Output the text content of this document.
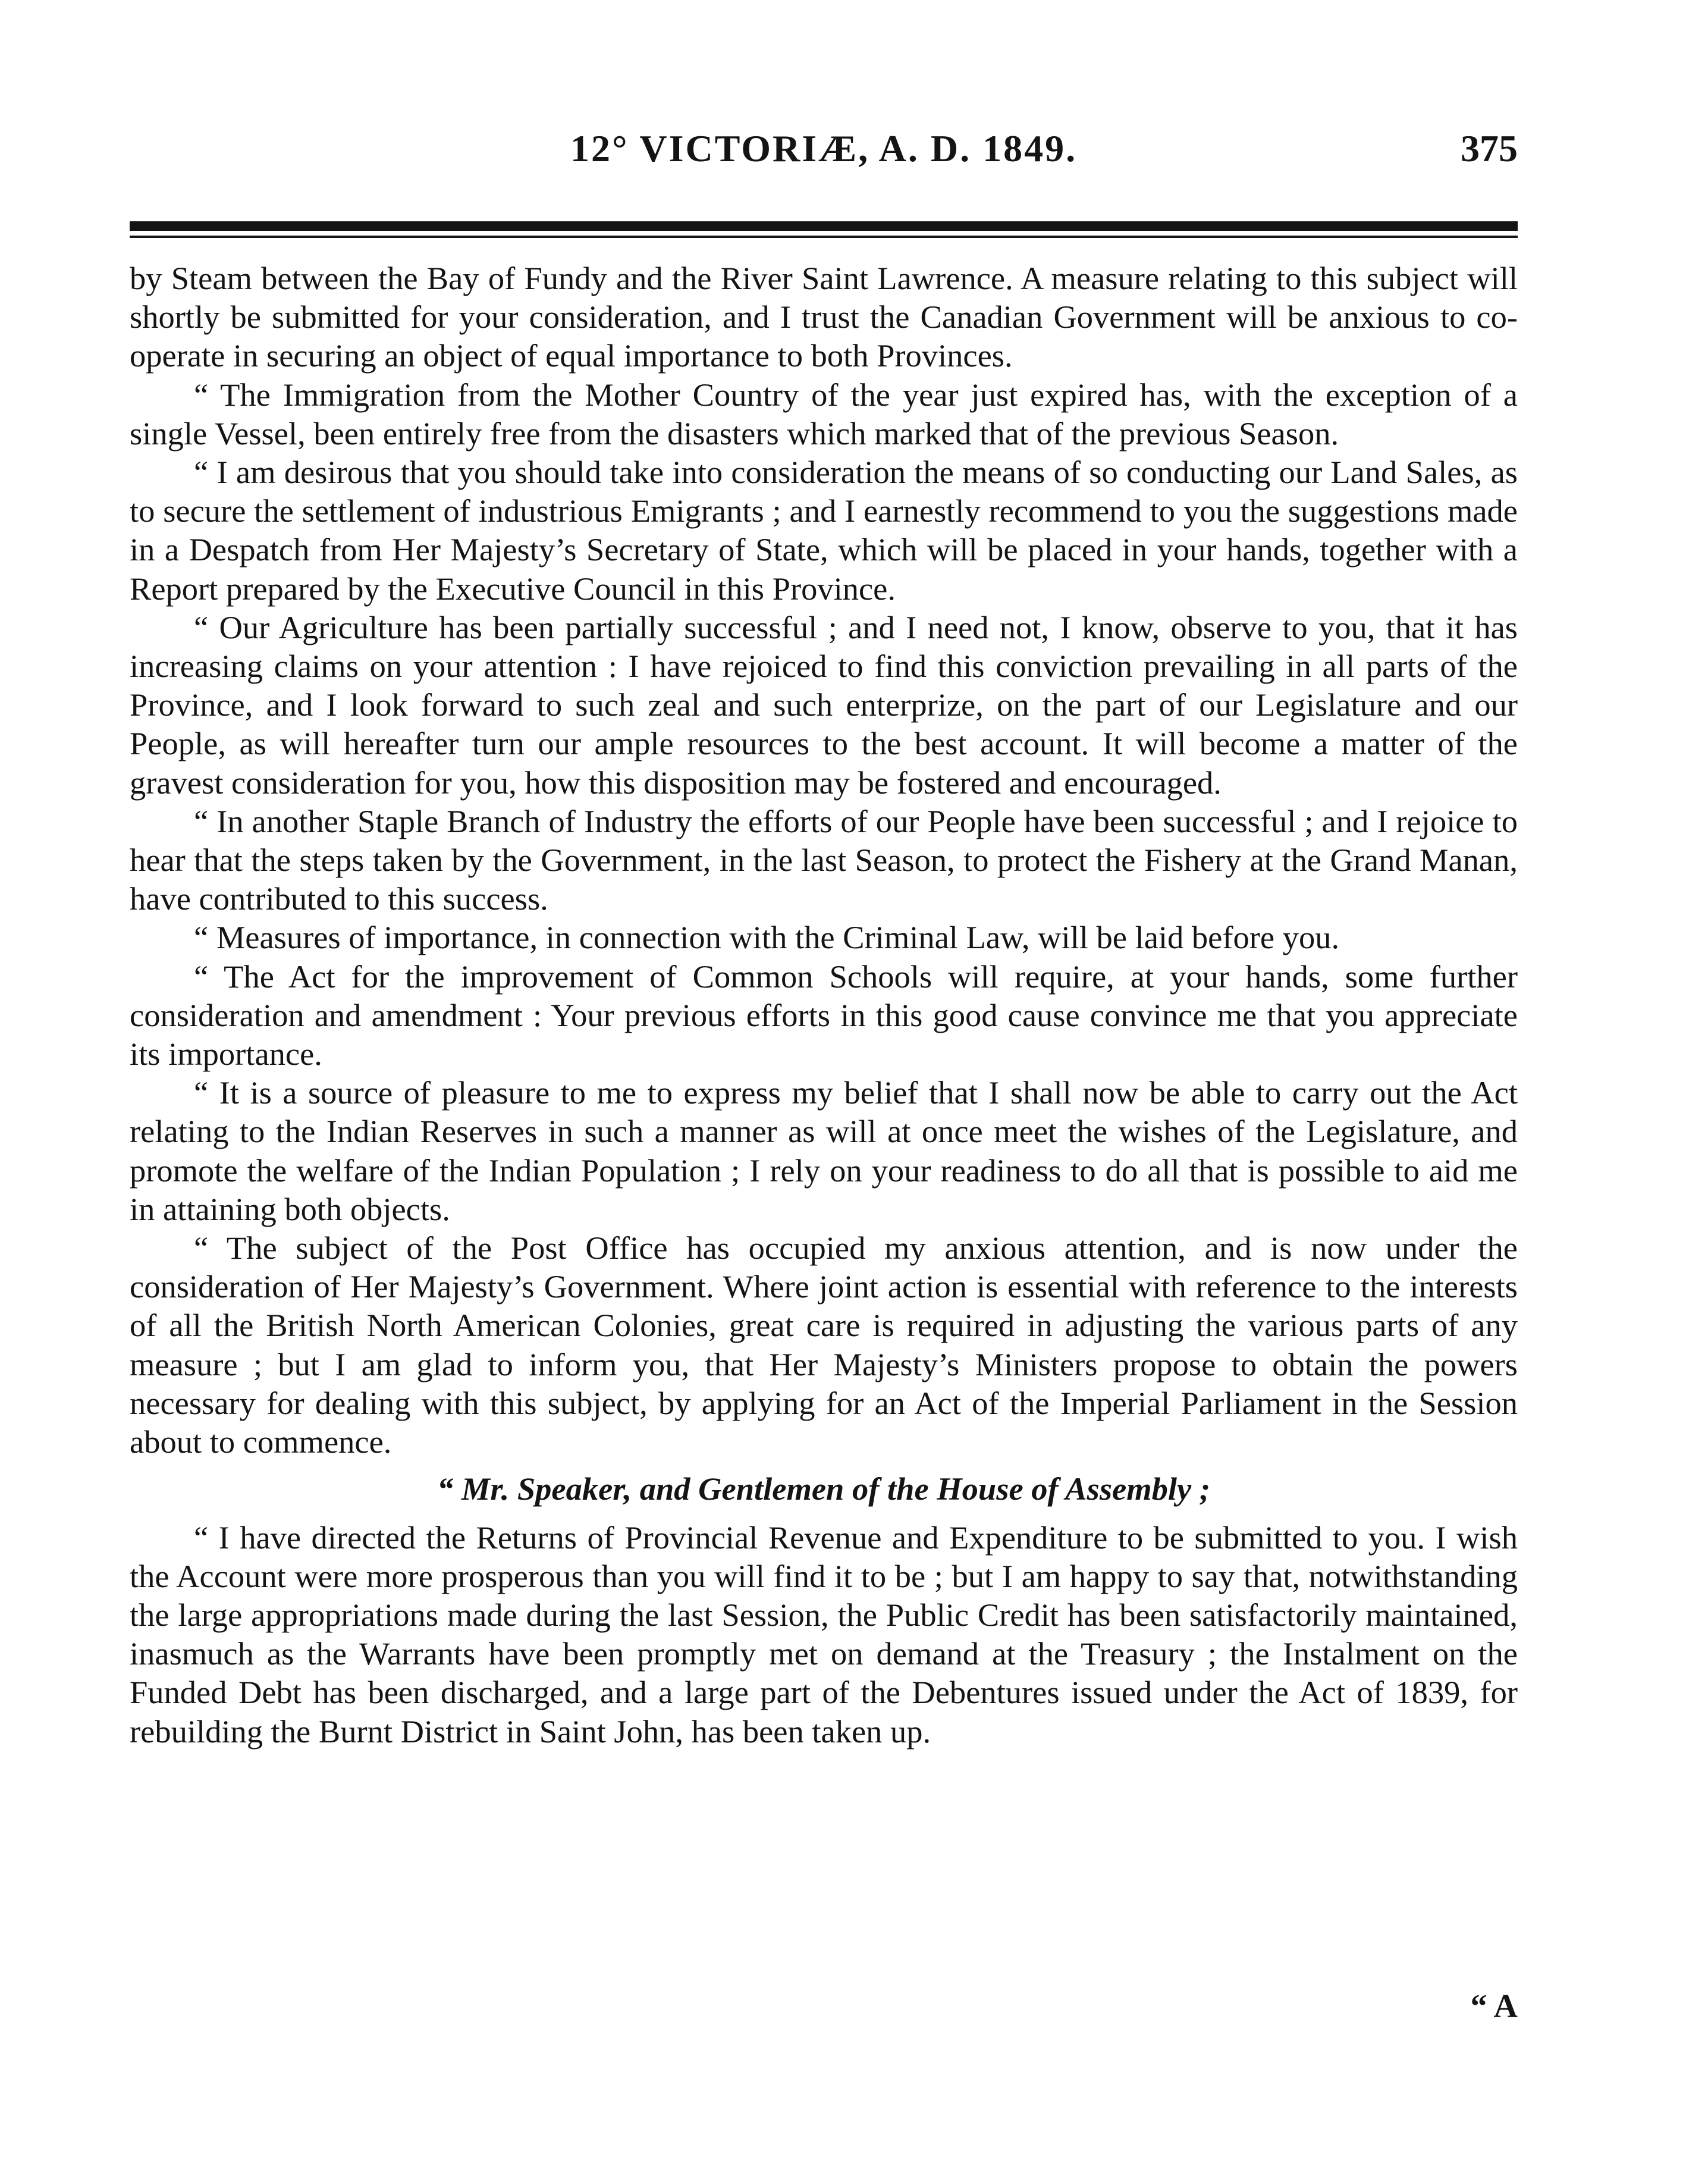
12° VICTORIÆ, A. D. 1849.	375

by Steam between the Bay of Fundy and the River Saint Lawrence. A measure relating to this subject will shortly be submitted for your consideration, and I trust the Canadian Government will be anxious to co-operate in securing an object of equal importance to both Provinces.

“ The Immigration from the Mother Country of the year just expired has, with the exception of a single Vessel, been entirely free from the disasters which marked that of the previous Season.

“ I am desirous that you should take into consideration the means of so conducting our Land Sales, as to secure the settlement of industrious Emigrants ; and I earnestly recommend to you the suggestions made in a Despatch from Her Majesty’s Secretary of State, which will be placed in your hands, together with a Report prepared by the Executive Council in this Province.

“ Our Agriculture has been partially successful ; and I need not, I know, observe to you, that it has increasing claims on your attention : I have rejoiced to find this conviction prevailing in all parts of the Province, and I look forward to such zeal and such enterprize, on the part of our Legislature and our People, as will hereafter turn our ample resources to the best account. It will become a matter of the gravest consideration for you, how this disposition may be fostered and encouraged.

“ In another Staple Branch of Industry the efforts of our People have been successful ; and I rejoice to hear that the steps taken by the Government, in the last Season, to protect the Fishery at the Grand Manan, have contributed to this success.

“ Measures of importance, in connection with the Criminal Law, will be laid before you.

“ The Act for the improvement of Common Schools will require, at your hands, some further consideration and amendment : Your previous efforts in this good cause convince me that you appreciate its importance.

“ It is a source of pleasure to me to express my belief that I shall now be able to carry out the Act relating to the Indian Reserves in such a manner as will at once meet the wishes of the Legislature, and promote the welfare of the Indian Population ; I rely on your readiness to do all that is possible to aid me in attaining both objects.

“ The subject of the Post Office has occupied my anxious attention, and is now under the consideration of Her Majesty’s Government. Where joint action is essential with reference to the interests of all the British North American Colonies, great care is required in adjusting the various parts of any measure ; but I am glad to inform you, that Her Majesty’s Ministers propose to obtain the powers necessary for dealing with this subject, by applying for an Act of the Imperial Parliament in the Session about to commence.

“ Mr. Speaker, and Gentlemen of the House of Assembly ;

“ I have directed the Returns of Provincial Revenue and Expenditure to be submitted to you. I wish the Account were more prosperous than you will find it to be ; but I am happy to say that, notwithstanding the large appropriations made during the last Session, the Public Credit has been satisfactorily maintained, inasmuch as the Warrants have been promptly met on demand at the Treasury ; the Instalment on the Funded Debt has been discharged, and a large part of the Debentures issued under the Act of 1839, for rebuilding the Burnt District in Saint John, has been taken up.

“ A
